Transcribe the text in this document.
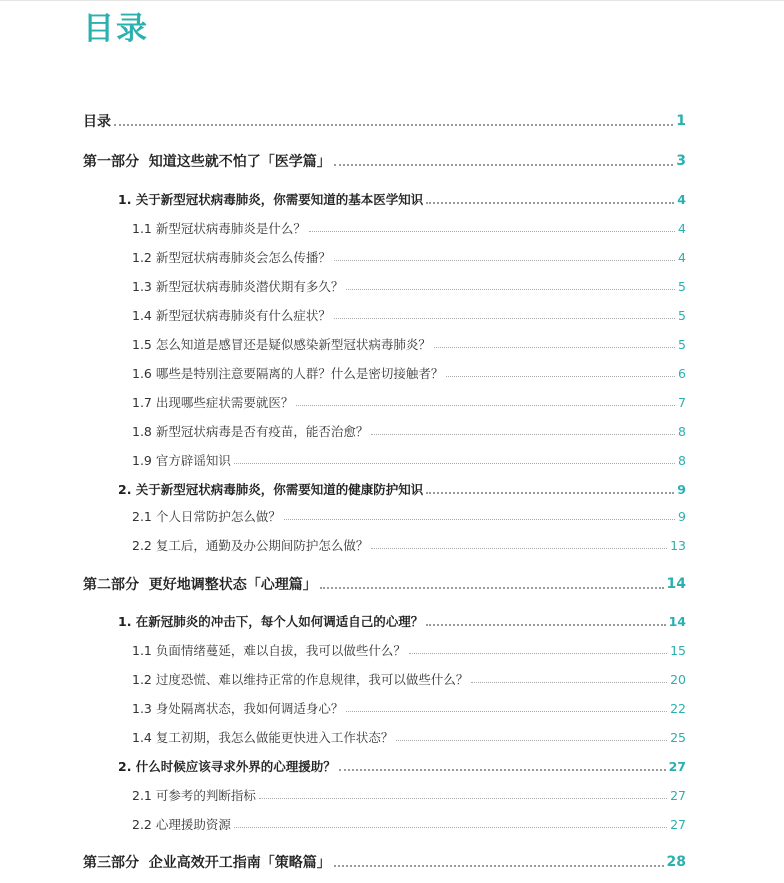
目录
目录	1
第一部分  知道这些就不怕了「医学篇」	3
1. 关于新型冠状病毒肺炎，你需要知道的基本医学知识	4
1.1 新型冠状病毒肺炎是什么？	4
1.2 新型冠状病毒肺炎会怎么传播？	4
1.3 新型冠状病毒肺炎潜伏期有多久？	5
1.4 新型冠状病毒肺炎有什么症状？	5
1.5 怎么知道是感冒还是疑似感染新型冠状病毒肺炎？	5
1.6 哪些是特别注意要隔离的人群？什么是密切接触者？	6
1.7 出现哪些症状需要就医？	7
1.8 新型冠状病毒是否有疫苗，能否治愈？	8
1.9 官方辟谣知识	8
2. 关于新型冠状病毒肺炎，你需要知道的健康防护知识	9
2.1 个人日常防护怎么做？	9
2.2 复工后，通勤及办公期间防护怎么做？	13
第二部分  更好地调整状态「心理篇」	14
1. 在新冠肺炎的冲击下，每个人如何调适自己的心理？	14
1.1 负面情绪蔓延，难以自拔，我可以做些什么？	15
1.2 过度恐慌、难以维持正常的作息规律，我可以做些什么？	20
1.3 身处隔离状态，我如何调适身心？	22
1.4 复工初期，我怎么做能更快进入工作状态？	25
2. 什么时候应该寻求外界的心理援助？	27
2.1 可参考的判断指标	27
2.2 心理援助资源	27
第三部分  企业高效开工指南「策略篇」	28
